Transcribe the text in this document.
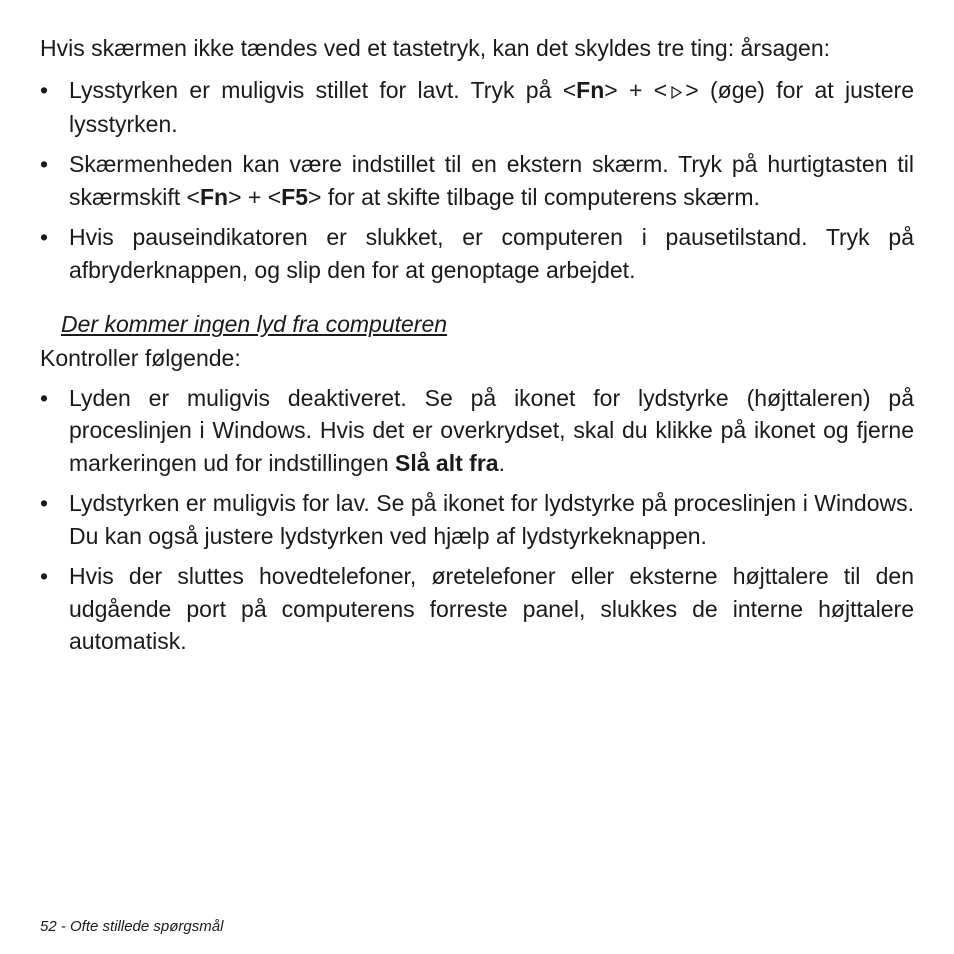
Hvis skærmen ikke tændes ved et tastetryk, kan det skyldes tre ting: årsagen:

• Lysstyrken er muligvis stillet for lavt. Tryk på <Fn> + < > (øge) for at justere lysstyrken.
• Skærmenheden kan være indstillet til en ekstern skærm. Tryk på hurtigtasten til skærmskift <Fn> + <F5> for at skifte tilbage til computerens skærm.
• Hvis pauseindikatoren er slukket, er computeren i pausetilstand. Tryk på afbryderknappen, og slip den for at genoptage arbejdet.

Der kommer ingen lyd fra computeren

Kontroller følgende:

• Lyden er muligvis deaktiveret. Se på ikonet for lydstyrke (højttaleren) på proceslinjen i Windows. Hvis det er overkrydset, skal du klikke på ikonet og fjerne markeringen ud for indstillingen Slå alt fra.
• Lydstyrken er muligvis for lav. Se på ikonet for lydstyrke på proceslinjen i Windows. Du kan også justere lydstyrken ved hjælp af lydstyrkeknappen.
• Hvis der sluttes hovedtelefoner, øretelefoner eller eksterne højttalere til den udgående port på computerens forreste panel, slukkes de interne højttalere automatisk.
52 - Ofte stillede spørgsmål
